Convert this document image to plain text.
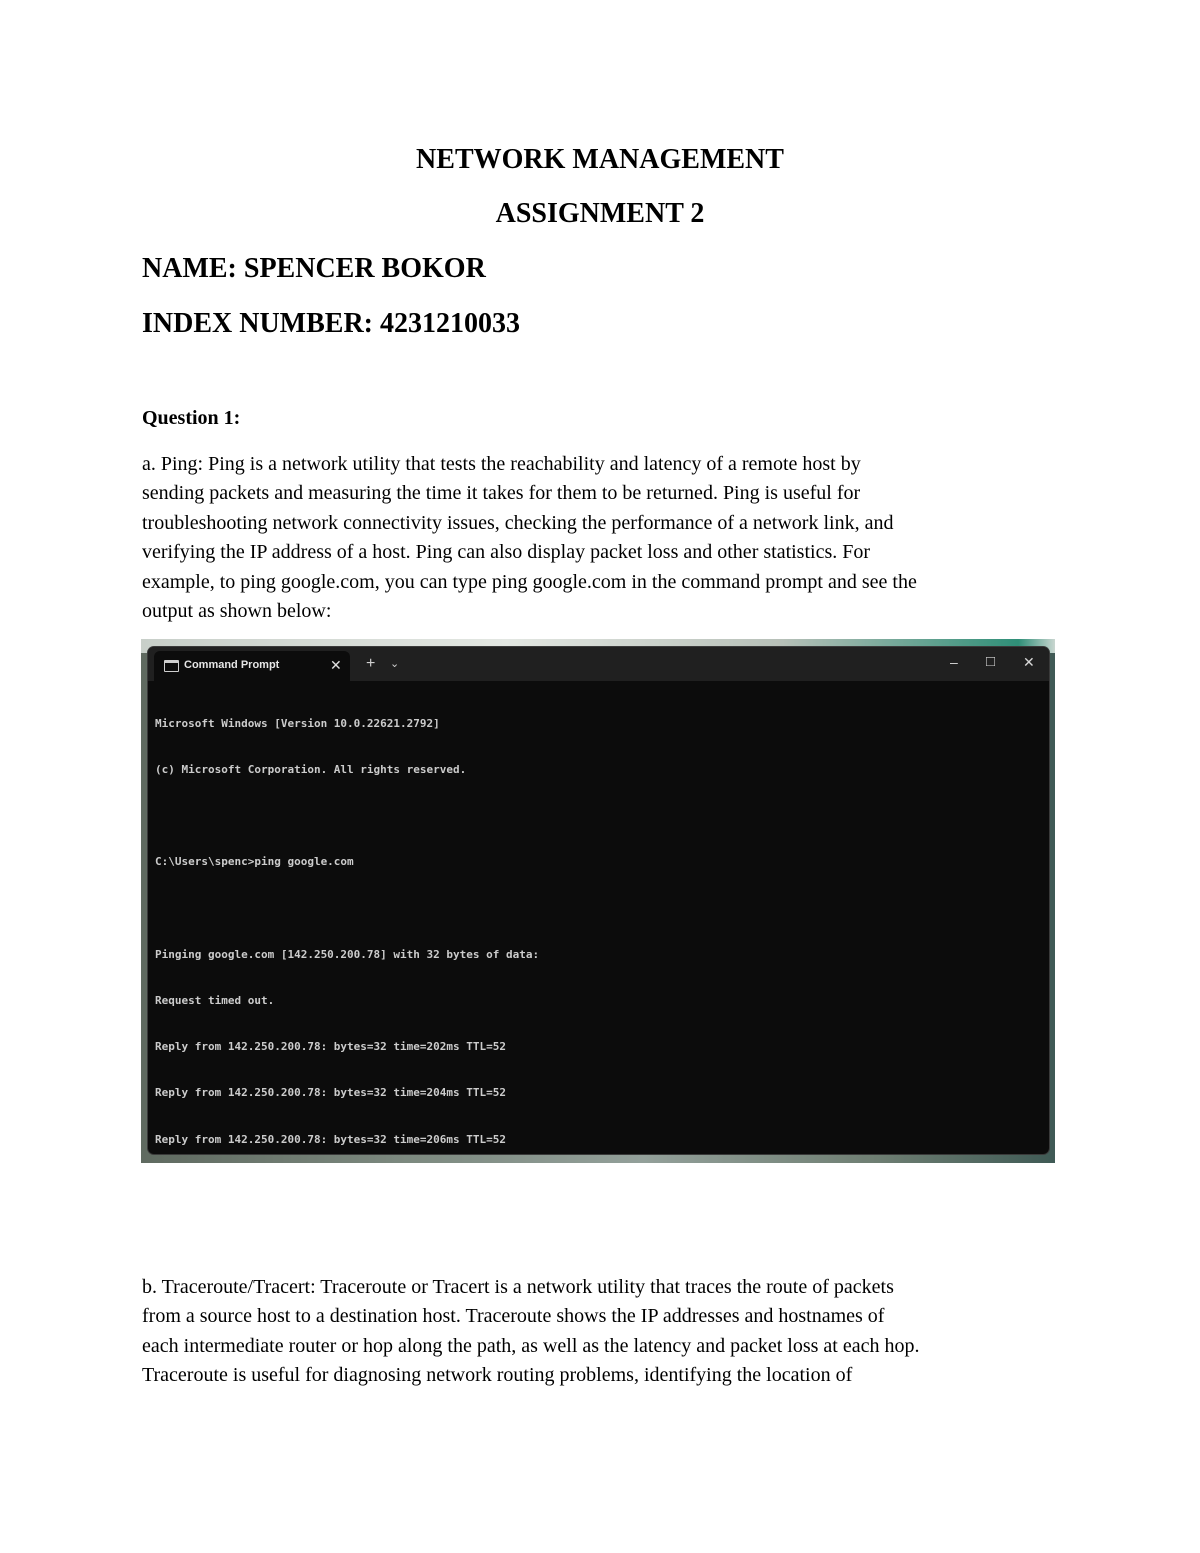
NETWORK MANAGEMENT
ASSIGNMENT 2
NAME: SPENCER BOKOR
INDEX NUMBER: 4231210033
Question 1:
a. Ping: Ping is a network utility that tests the reachability and latency of a remote host by
sending packets and measuring the time it takes for them to be returned. Ping is useful for
troubleshooting network connectivity issues, checking the performance of a network link, and
verifying the IP address of a host. Ping can also display packet loss and other statistics. For
example, to ping google.com, you can type ping google.com in the command prompt and see the
output as shown below:
Command Prompt	✕ + ⌄	– □ ✕

Microsoft Windows [Version 10.0.22621.2792]

(c) Microsoft Corporation. All rights reserved.

C:\Users\spenc>ping google.com

Pinging google.com [142.250.200.78] with 32 bytes of data:

Request timed out.

Reply from 142.250.200.78: bytes=32 time=202ms TTL=52

Reply from 142.250.200.78: bytes=32 time=204ms TTL=52

Reply from 142.250.200.78: bytes=32 time=206ms TTL=52

b. Traceroute/Tracert: Traceroute or Tracert is a network utility that traces the route of packets
from a source host to a destination host. Traceroute shows the IP addresses and hostnames of
each intermediate router or hop along the path, as well as the latency and packet loss at each hop.
Traceroute is useful for diagnosing network routing problems, identifying the location of
